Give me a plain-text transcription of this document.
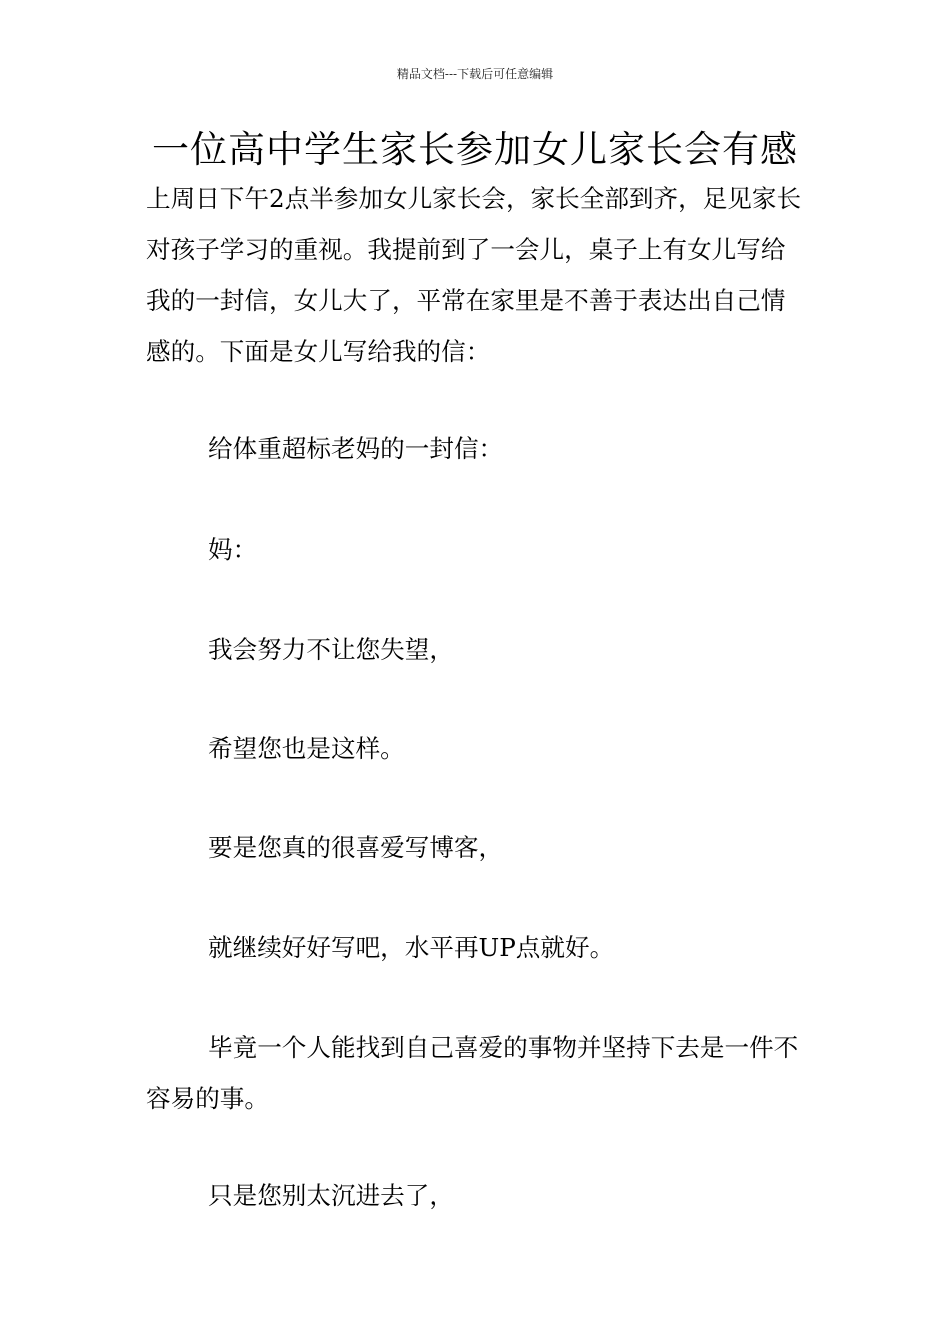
精品文档---下载后可任意编辑
一位高中学生家长参加女儿家长会有感

上周日下午2点半参加女儿家长会，家长全部到齐，足见家长对孩子学习的重视。我提前到了一会儿，桌子上有女儿写给我的一封信，女儿大了，平常在家里是不善于表达出自己情感的。下面是女儿写给我的信：

给体重超标老妈的一封信：

妈：

我会努力不让您失望，

希望您也是这样。

要是您真的很喜爱写博客，

就继续好好写吧，水平再UP点就好。

毕竟一个人能找到自己喜爱的事物并坚持下去是一件不容易的事。

只是您别太沉进去了，
